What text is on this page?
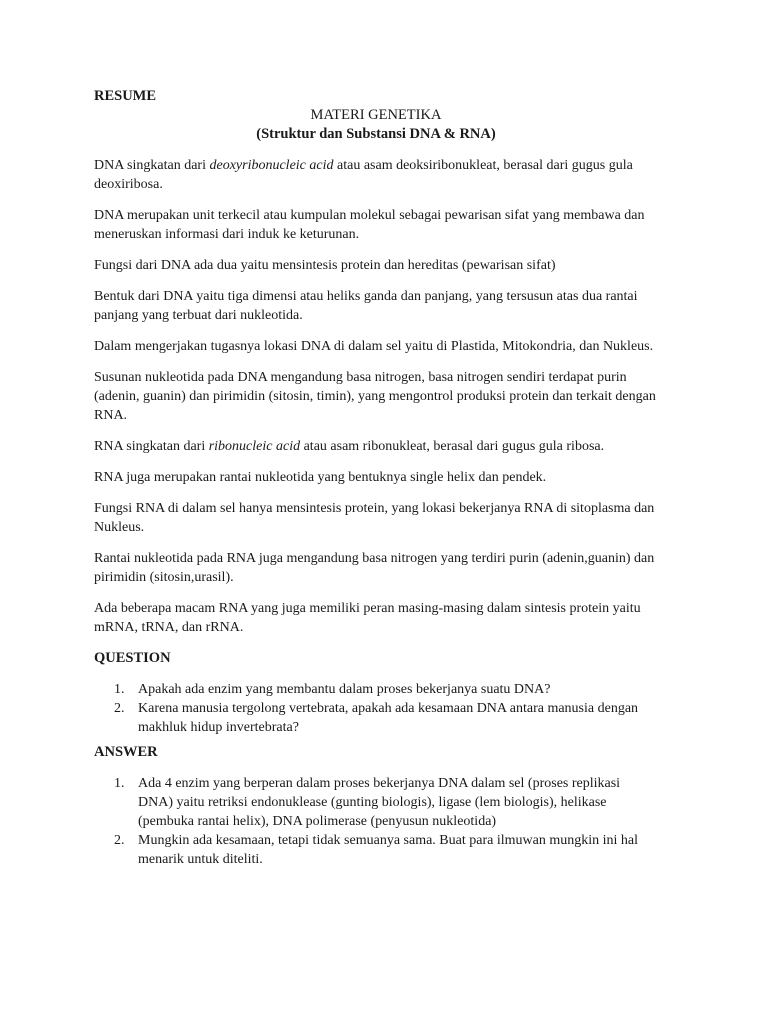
RESUME
MATERI GENETIKA
(Struktur dan Substansi DNA & RNA)

DNA singkatan dari deoxyribonucleic acid atau asam deoksiribonukleat, berasal dari gugus gula deoxiribosa.

DNA merupakan unit terkecil atau kumpulan molekul sebagai pewarisan sifat yang membawa dan meneruskan informasi dari induk ke keturunan.

Fungsi dari DNA ada dua yaitu mensintesis protein dan hereditas (pewarisan sifat)

Bentuk dari DNA yaitu tiga dimensi atau heliks ganda dan panjang, yang tersusun atas dua rantai panjang yang terbuat dari nukleotida.

Dalam mengerjakan tugasnya lokasi DNA di dalam sel yaitu di Plastida, Mitokondria, dan Nukleus.

Susunan nukleotida pada DNA mengandung basa nitrogen, basa nitrogen sendiri terdapat purin (adenin, guanin) dan pirimidin (sitosin, timin), yang mengontrol produksi protein dan terkait dengan RNA.

RNA singkatan dari ribonucleic acid atau asam ribonukleat, berasal dari gugus gula ribosa.

RNA juga merupakan rantai nukleotida yang bentuknya single helix dan pendek.

Fungsi RNA di dalam sel hanya mensintesis protein, yang lokasi bekerjanya RNA di sitoplasma dan Nukleus.

Rantai nukleotida pada RNA juga mengandung basa nitrogen yang terdiri purin (adenin,guanin) dan pirimidin (sitosin,urasil).

Ada beberapa macam RNA yang juga memiliki peran masing-masing dalam sintesis protein yaitu mRNA, tRNA, dan rRNA.

QUESTION
1. Apakah ada enzim yang membantu dalam proses bekerjanya suatu DNA?
2. Karena manusia tergolong vertebrata, apakah ada kesamaan DNA antara manusia dengan makhluk hidup invertebrata?
ANSWER
1. Ada 4 enzim yang berperan dalam proses bekerjanya DNA dalam sel (proses replikasi DNA) yaitu retriksi endonuklease (gunting biologis), ligase (lem biologis), helikase (pembuka rantai helix), DNA polimerase (penyusun nukleotida)
2. Mungkin ada kesamaan, tetapi tidak semuanya sama. Buat para ilmuwan mungkin ini hal menarik untuk diteliti.
